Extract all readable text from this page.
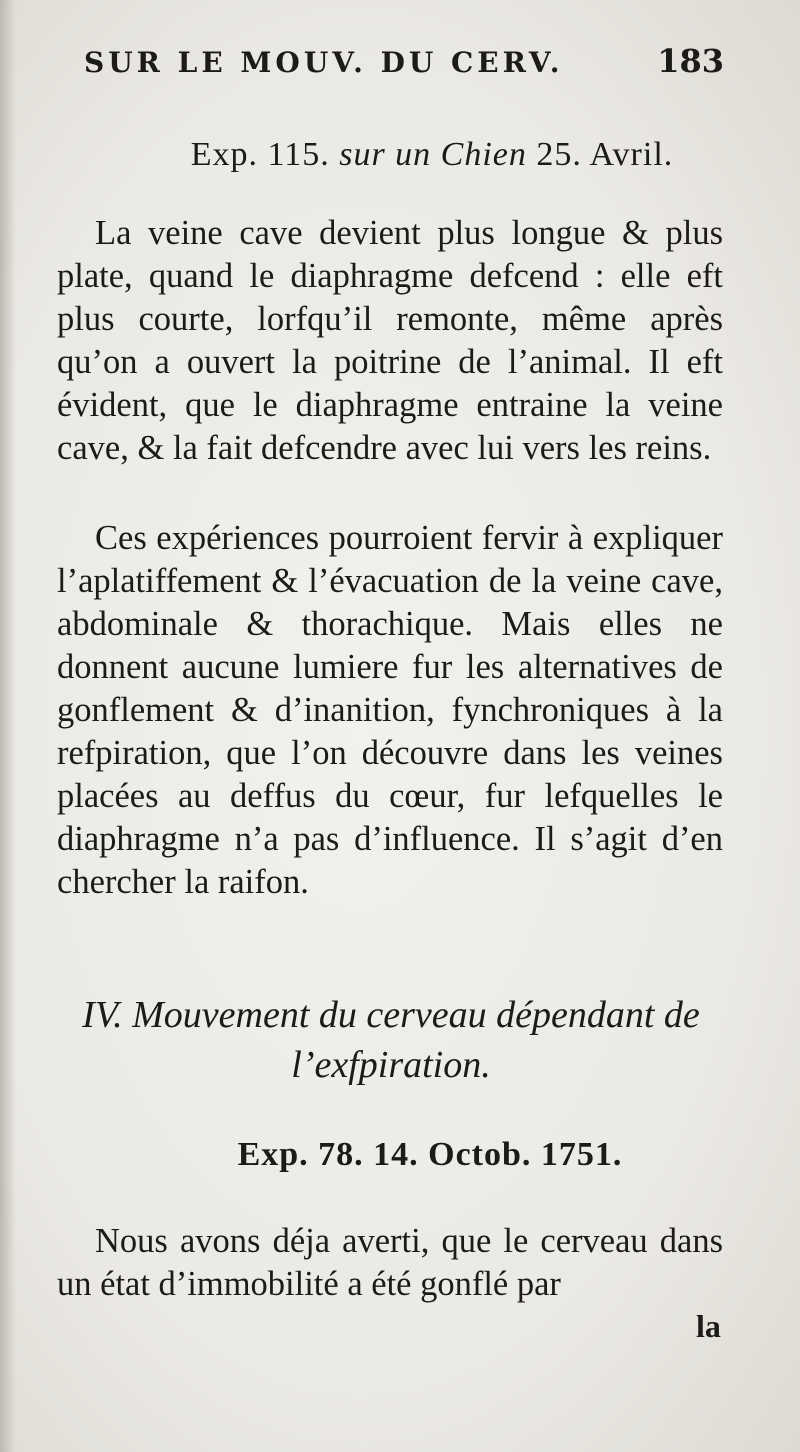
SUR LE MOUV. DU CERV.	183
Exp. 115. sur un Chien 25. Avril.

La veine cave devient plus longue & plus plate, quand le diaphragme defcend : elle eft plus courte, lorfqu’il remonte, même après qu’on a ouvert la poitrine de l’animal. Il eft évident, que le diaphragme entraine la veine cave, & la fait defcendre avec lui vers les reins.

Ces expériences pourroient fervir à expliquer l’aplatiffement & l’évacuation de la veine cave, abdominale & thorachique. Mais elles ne donnent aucune lumiere fur les alternatives de gonflement & d’inanition, fynchroniques à la refpiration, que l’on découvre dans les veines placées au deffus du cœur, fur lefquelles le diaphragme n’a pas d’influence. Il s’agit d’en chercher la raifon.

IV. Mouvement du cerveau dépendant de l’exfpiration.
Exp. 78. 14. Octob. 1751.

Nous avons déja averti, que le cerveau dans un état d’immobilité a été gonflé par

la
